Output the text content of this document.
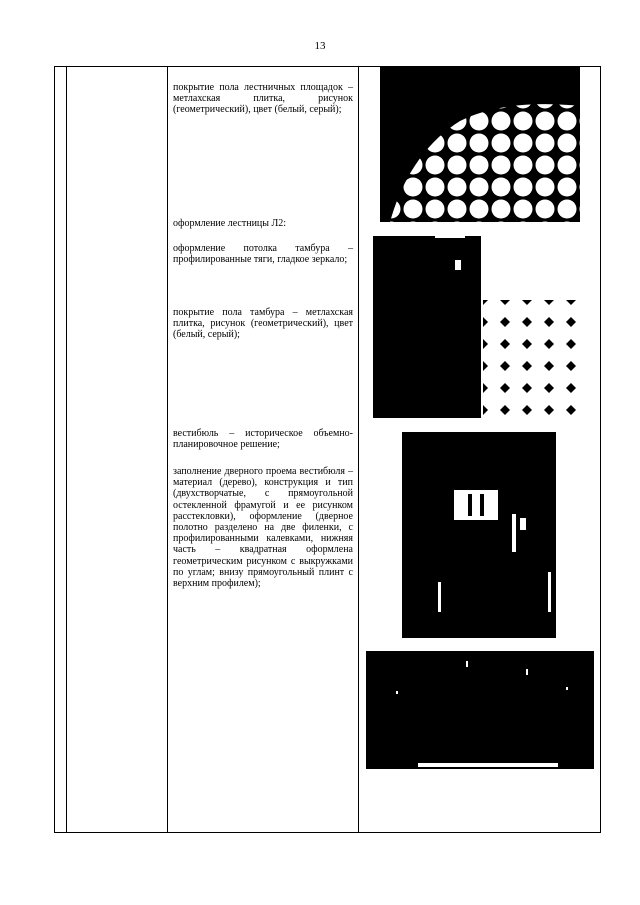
13
покрытие пола лестничных площадок – метлахская плитка, рисунок (геометрический), цвет (белый, серый);
оформление лестницы Л2:
оформление потолка тамбура – профилированные тяги, гладкое зеркало;
покрытие пола тамбура – метлахская плитка, рисунок (геометрический), цвет (белый, серый);
вестибюль – историческое объемно-планировочное решение;
заполнение дверного проема вестибюля – материал (дерево), конструкция и тип (двухстворчатые, с прямоугольной остекленной фрамугой и ее рисунком расстекловки), оформление (дверное полотно разделено на две филенки, с профилированными калевками, нижняя часть – квадратная оформлена геометрическим рисунком с выкружками по углам; внизу прямоугольный плинт с верхним профилем);
